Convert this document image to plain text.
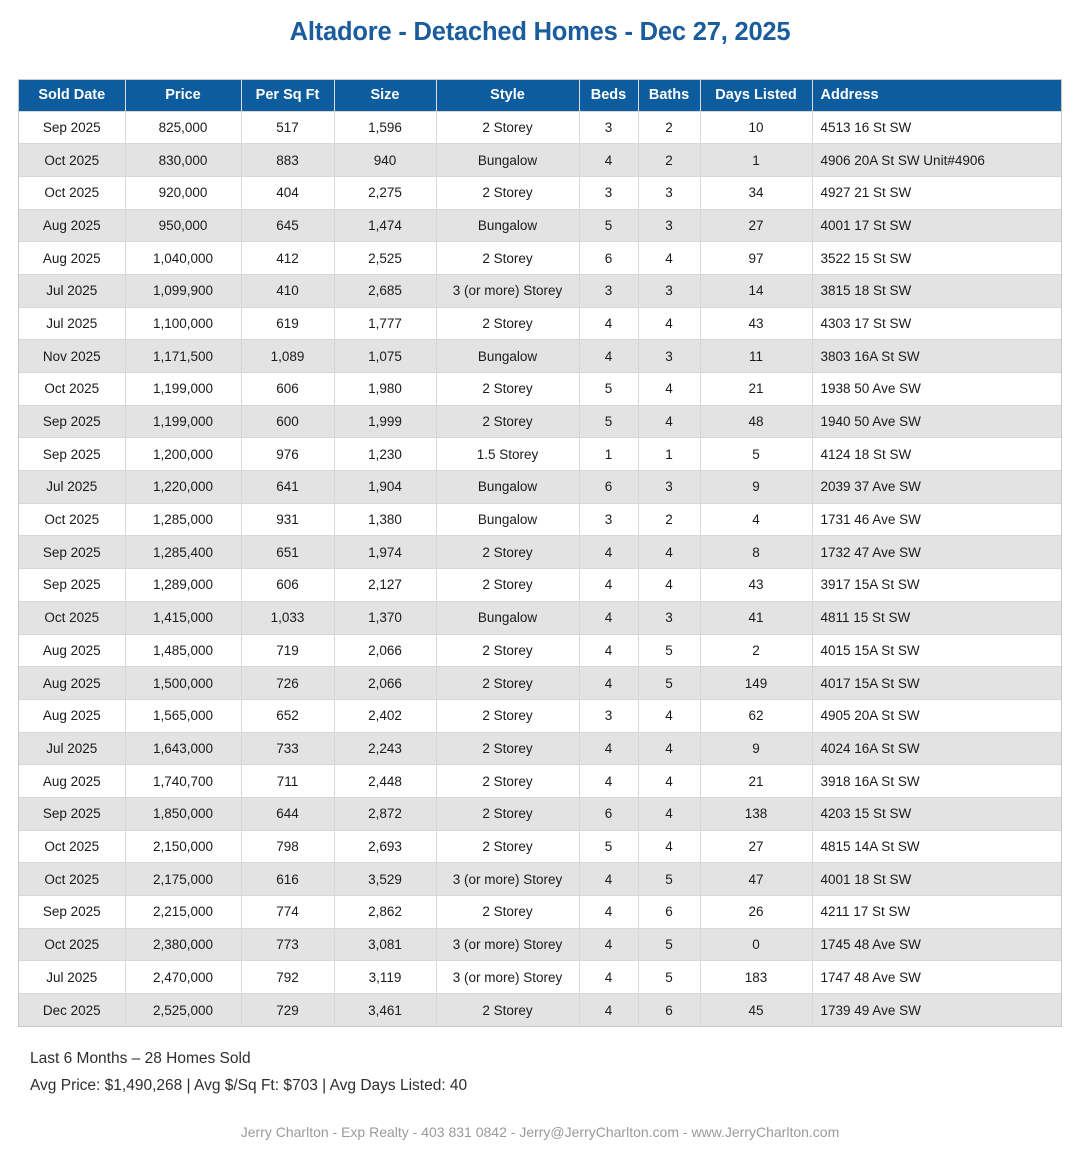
Altadore - Detached Homes - Dec 27, 2025
Sold Date	Price	Per Sq Ft	Size	Style	Beds	Baths	Days Listed	Address
Sep 2025	825,000	517	1,596	2 Storey	3	2	10	4513 16 St SW
Oct 2025	830,000	883	940	Bungalow	4	2	1	4906 20A St SW Unit#4906
Oct 2025	920,000	404	2,275	2 Storey	3	3	34	4927 21 St SW
Aug 2025	950,000	645	1,474	Bungalow	5	3	27	4001 17 St SW
Aug 2025	1,040,000	412	2,525	2 Storey	6	4	97	3522 15 St SW
Jul 2025	1,099,900	410	2,685	3 (or more) Storey	3	3	14	3815 18 St SW
Jul 2025	1,100,000	619	1,777	2 Storey	4	4	43	4303 17 St SW
Nov 2025	1,171,500	1,089	1,075	Bungalow	4	3	11	3803 16A St SW
Oct 2025	1,199,000	606	1,980	2 Storey	5	4	21	1938 50 Ave SW
Sep 2025	1,199,000	600	1,999	2 Storey	5	4	48	1940 50 Ave SW
Sep 2025	1,200,000	976	1,230	1.5 Storey	1	1	5	4124 18 St SW
Jul 2025	1,220,000	641	1,904	Bungalow	6	3	9	2039 37 Ave SW
Oct 2025	1,285,000	931	1,380	Bungalow	3	2	4	1731 46 Ave SW
Sep 2025	1,285,400	651	1,974	2 Storey	4	4	8	1732 47 Ave SW
Sep 2025	1,289,000	606	2,127	2 Storey	4	4	43	3917 15A St SW
Oct 2025	1,415,000	1,033	1,370	Bungalow	4	3	41	4811 15 St SW
Aug 2025	1,485,000	719	2,066	2 Storey	4	5	2	4015 15A St SW
Aug 2025	1,500,000	726	2,066	2 Storey	4	5	149	4017 15A St SW
Aug 2025	1,565,000	652	2,402	2 Storey	3	4	62	4905 20A St SW
Jul 2025	1,643,000	733	2,243	2 Storey	4	4	9	4024 16A St SW
Aug 2025	1,740,700	711	2,448	2 Storey	4	4	21	3918 16A St SW
Sep 2025	1,850,000	644	2,872	2 Storey	6	4	138	4203 15 St SW
Oct 2025	2,150,000	798	2,693	2 Storey	5	4	27	4815 14A St SW
Oct 2025	2,175,000	616	3,529	3 (or more) Storey	4	5	47	4001 18 St SW
Sep 2025	2,215,000	774	2,862	2 Storey	4	6	26	4211 17 St SW
Oct 2025	2,380,000	773	3,081	3 (or more) Storey	4	5	0	1745 48 Ave SW
Jul 2025	2,470,000	792	3,119	3 (or more) Storey	4	5	183	1747 48 Ave SW
Dec 2025	2,525,000	729	3,461	2 Storey	4	6	45	1739 49 Ave SW
Last 6 Months – 28 Homes Sold
Avg Price: $1,490,268 | Avg $/Sq Ft: $703 | Avg Days Listed: 40
Jerry Charlton - Exp Realty - 403 831 0842 - Jerry@JerryCharlton.com - www.JerryCharlton.com
